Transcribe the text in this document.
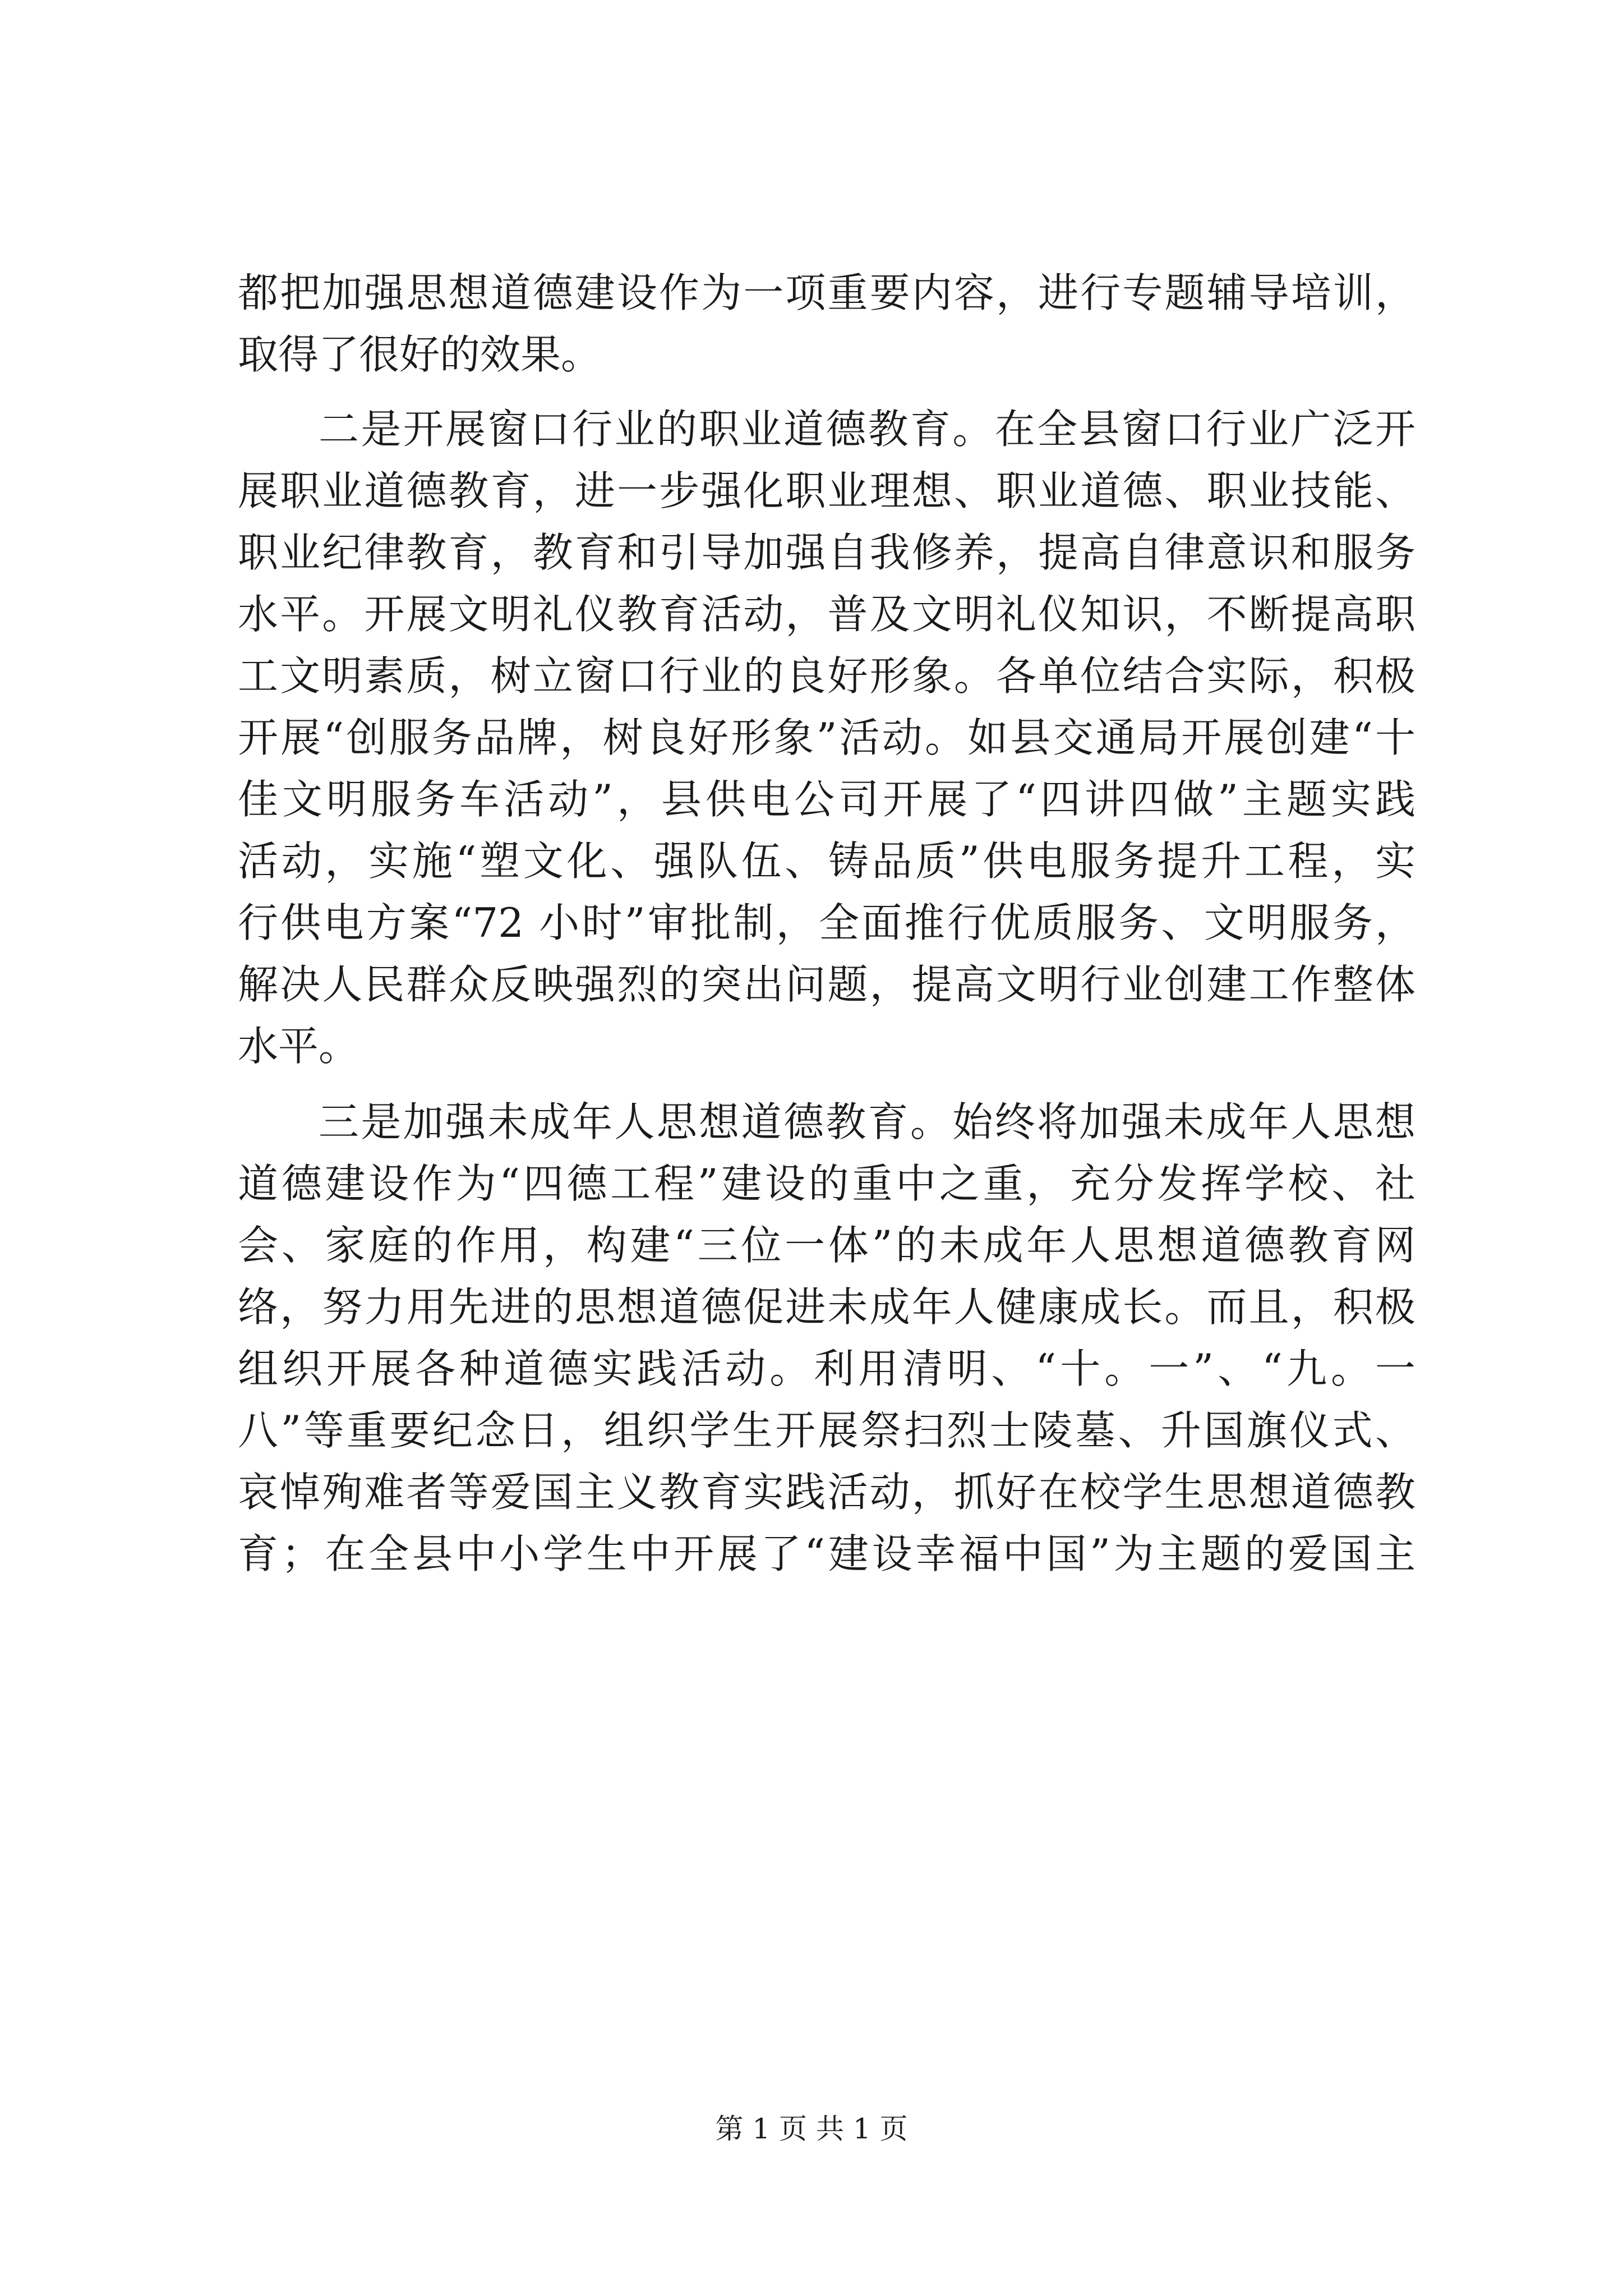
都把加强思想道德建设作为一项重要内容，进行专题辅导培训，
取得了很好的效果。
二是开展窗口行业的职业道德教育。在全县窗口行业广泛开
展职业道德教育，进一步强化职业理想、职业道德、职业技能、
职业纪律教育，教育和引导加强自我修养，提高自律意识和服务
水平。开展文明礼仪教育活动，普及文明礼仪知识，不断提高职
工文明素质，树立窗口行业的良好形象。各单位结合实际，积极
开展“创服务品牌，树良好形象”活动。如县交通局开展创建“十
佳文明服务车活动”，县供电公司开展了“四讲四做”主题实践
活动，实施“塑文化、强队伍、铸品质”供电服务提升工程，实
行供电方案“72 小时”审批制，全面推行优质服务、文明服务，
解决人民群众反映强烈的突出问题，提高文明行业创建工作整体
水平。
三是加强未成年人思想道德教育。始终将加强未成年人思想
道德建设作为“四德工程”建设的重中之重，充分发挥学校、社
会、家庭的作用，构建“三位一体”的未成年人思想道德教育网
络，努力用先进的思想道德促进未成年人健康成长。而且，积极
组织开展各种道德实践活动。利用清明、“十。一”、“九。一
八”等重要纪念日，组织学生开展祭扫烈士陵墓、升国旗仪式、
哀悼殉难者等爱国主义教育实践活动，抓好在校学生思想道德教
育；在全县中小学生中开展了“建设幸福中国”为主题的爱国主
第 1 页 共 1 页
